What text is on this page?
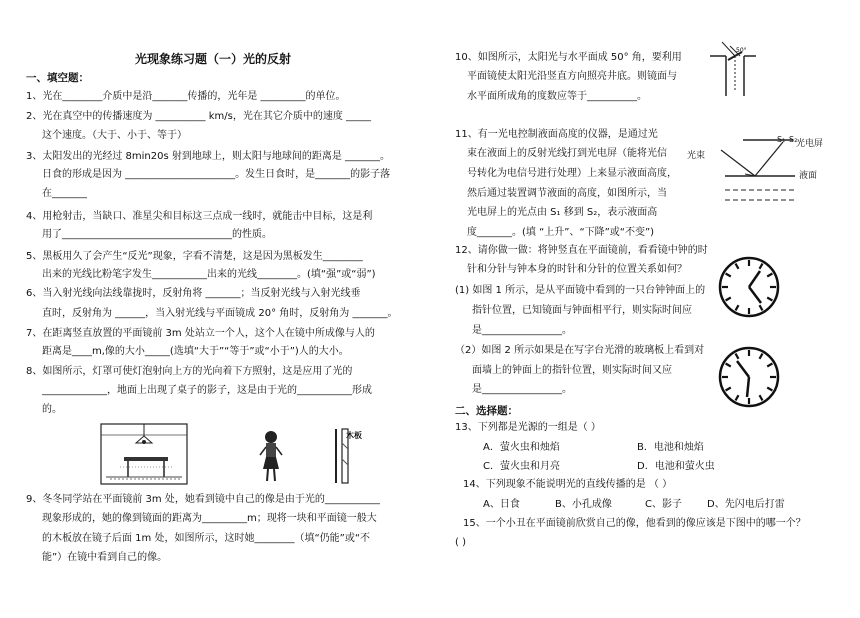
光现象练习题（一）光的反射
一、填空题：
1、光在________介质中是沿_______传播的，光年是 _________的单位。
2、光在真空中的传播速度为 __________ km/s，光在其它介质中的速度 _____
这个速度。（大于、小于、等于）
3、太阳发出的光经过 8min20s 射到地球上，则太阳与地球间的距离是 _______。
日食的形成是因为 ______________________。发生日食时，是_______的影子落
在_______
4、用枪射击，当缺口、准星尖和目标这三点成一线时，就能击中目标，这是利
用了__________________________________的性质。
5、黑板用久了会产生“反光”现象，字看不清楚，这是因为黑板发生________
出来的光线比粉笔字发生___________出来的光线________。(填“强”或“弱”)
6、当入射光线向法线靠拢时，反射角将 _______；当反射光线与入射光线垂
直时，反射角为 ______，当入射光线与平面镜成 20° 角时，反射角为 _______。
7、在距离竖直放置的平面镜前 3m 处站立一个人，这个人在镜中所成像与人的
距离是____m,像的大小_____(选填“大于”“等于”或“小于”)人的大小。
8、如图所示，灯罩可使灯泡射向上方的光向着下方照射，这是应用了光的
_____________，地面上出现了桌子的影子，这是由于光的___________形成
的。
木板
9、冬冬同学站在平面镜前 3m 处，她看到镜中自己的像是由于光的___________
现象形成的，她的像到镜面的距离为_________m；现将一块和平面镜一般大
的木板放在镜子后面 1m 处，如图所示，这时她________（填“仍能”或“不
能”）在镜中看到自己的像。
10、如图所示，太阳光与水平面成 50° 角，要利用
平面镜使太阳光沿竖直方向照亮井底。则镜面与
水平面所成角的度数应等于__________。
50°
11、有一光电控制液面高度的仪器，是通过光
束在液面上的反射光线打到光电屏（能将光信
号转化为电信号进行处理）上来显示液面高度，
然后通过装置调节液面的高度，如图所示，当
光电屏上的光点由 S₁ 移到 S₂，表示液面高
度_______。(填 “上升”、“下降”或“不变”)
S₁ S₂
光电屏
光束
液面
12、请你做一做：将钟竖直在平面镜前，看看镜中钟的时
针和分针与钟本身的时针和分针的位置关系如何？
(1) 如图 1 所示，是从平面镜中看到的一只台钟钟面上的
指针位置，已知镜面与钟面相平行，则实际时间应
是________________。
（2）如图 2 所示如果是在写字台光滑的玻璃板上看到对
面墙上的钟面上的指针位置，则实际时间又应
是________________。
二、选择题：
13、下列都是光源的一组是（ ）
A．萤火虫和烛焰	B．电池和烛焰
C．萤火虫和月亮	D．电池和萤火虫
14、下列现象不能说明光的直线传播的是 （ ）
A、日食	B、小孔成像	C、影子	D、先闪电后打雷
15、一个小丑在平面镜前欣赏自己的像，他看到的像应该是下图中的哪一个？
( )
